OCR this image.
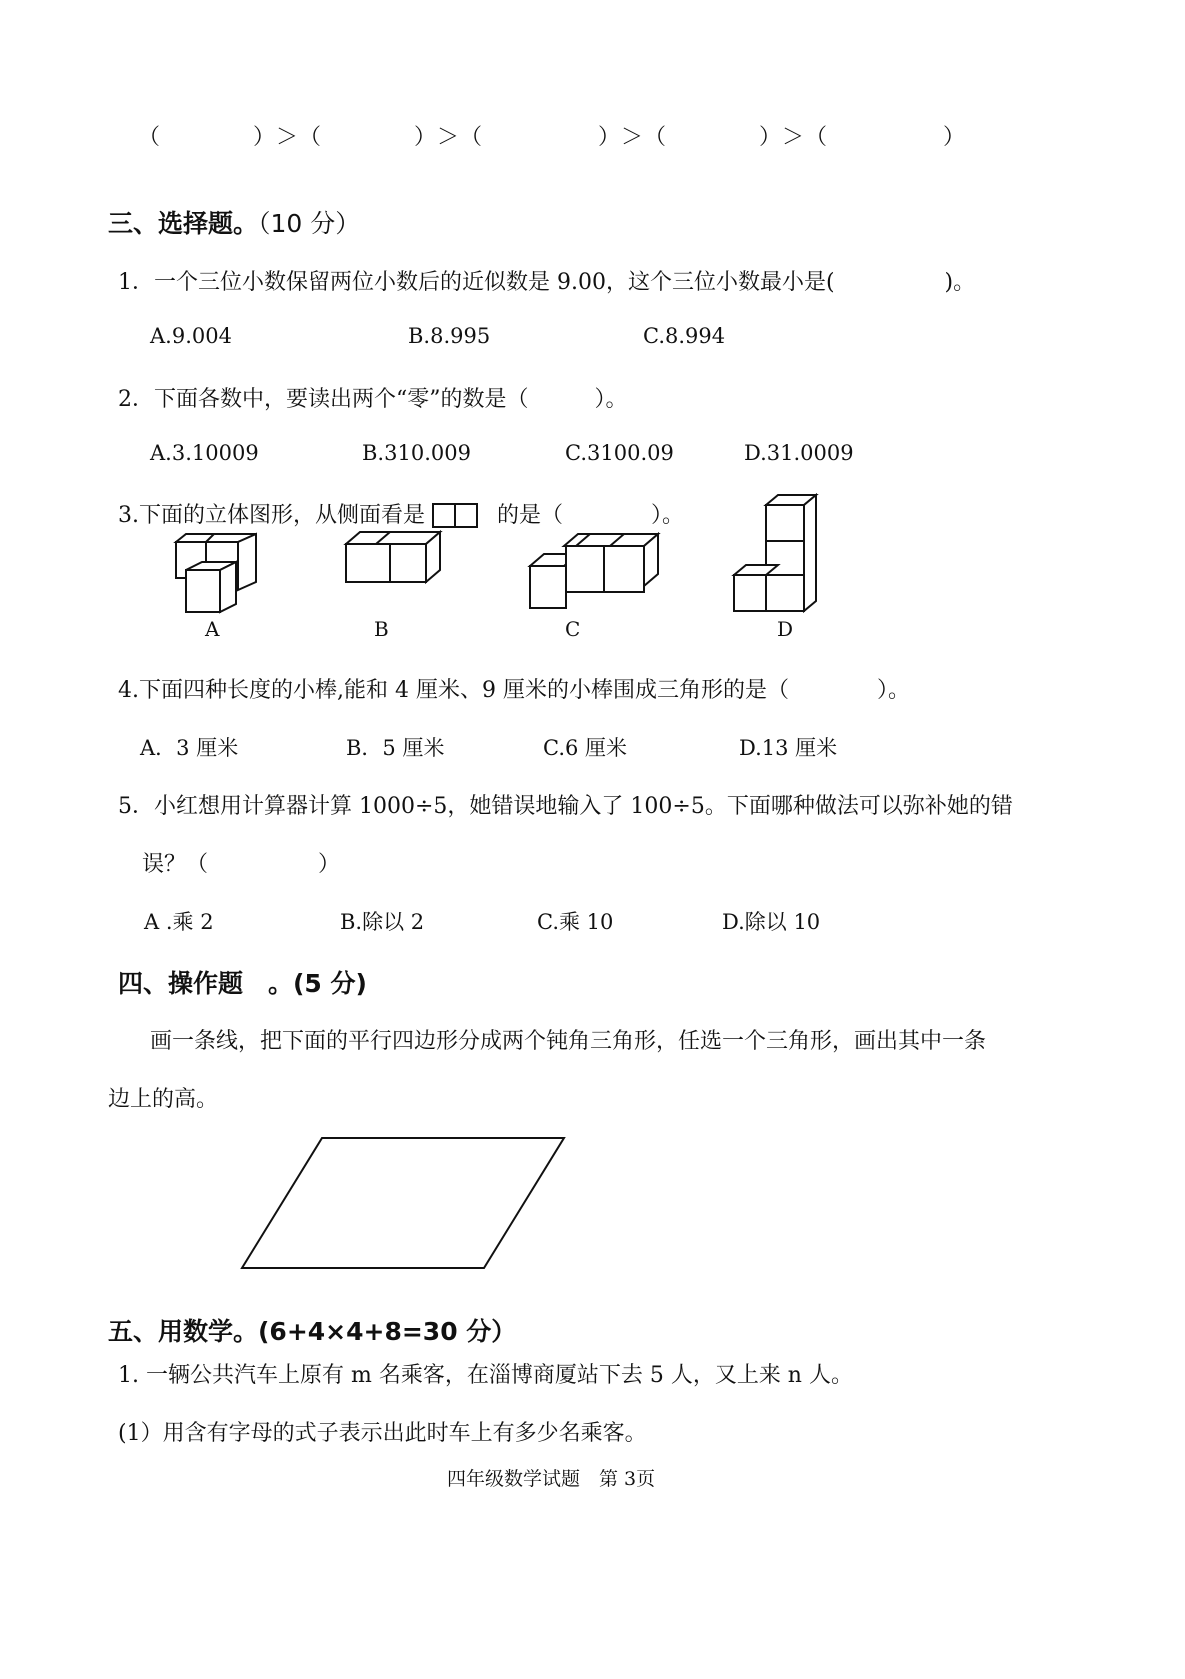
（　　　　）＞（　　　　）＞（　　　　　）＞（　　　　）＞（　　　　　）
三、选择题。（10 分）
1．一个三位小数保留两位小数后的近似数是 9.00，这个三位小数最小是(　　　　　)。
A.9.004	B.8.995	C.8.994
2．下面各数中，要读出两个“零”的数是（　　　）。
A.3.10009	B.310.009	C.3100.09	D.31.0009
3.下面的立体图形，从侧面看是	的是（　　　　）。
A	B	C	D
4.下面四种长度的小棒,能和 4 厘米、9 厘米的小棒围成三角形的是（　　　　）。
A．3 厘米	B．5 厘米	C.6 厘米	D.13 厘米
5．小红想用计算器计算 1000÷5，她错误地输入了 100÷5。下面哪种做法可以弥补她的错
误？（　　　　　）
A .乘 2	B.除以 2	C.乘 10	D.除以 10
四、操作题　。(5 分)
画一条线，把下面的平行四边形分成两个钝角三角形，任选一个三角形，画出其中一条
边上的高。
五、用数学。(6+4×4+8=30 分）
1. 一辆公共汽车上原有 m 名乘客，在淄博商厦站下去 5 人，又上来 n 人。
(1）用含有字母的式子表示出此时车上有多少名乘客。
四年级数学试题　第 3页
